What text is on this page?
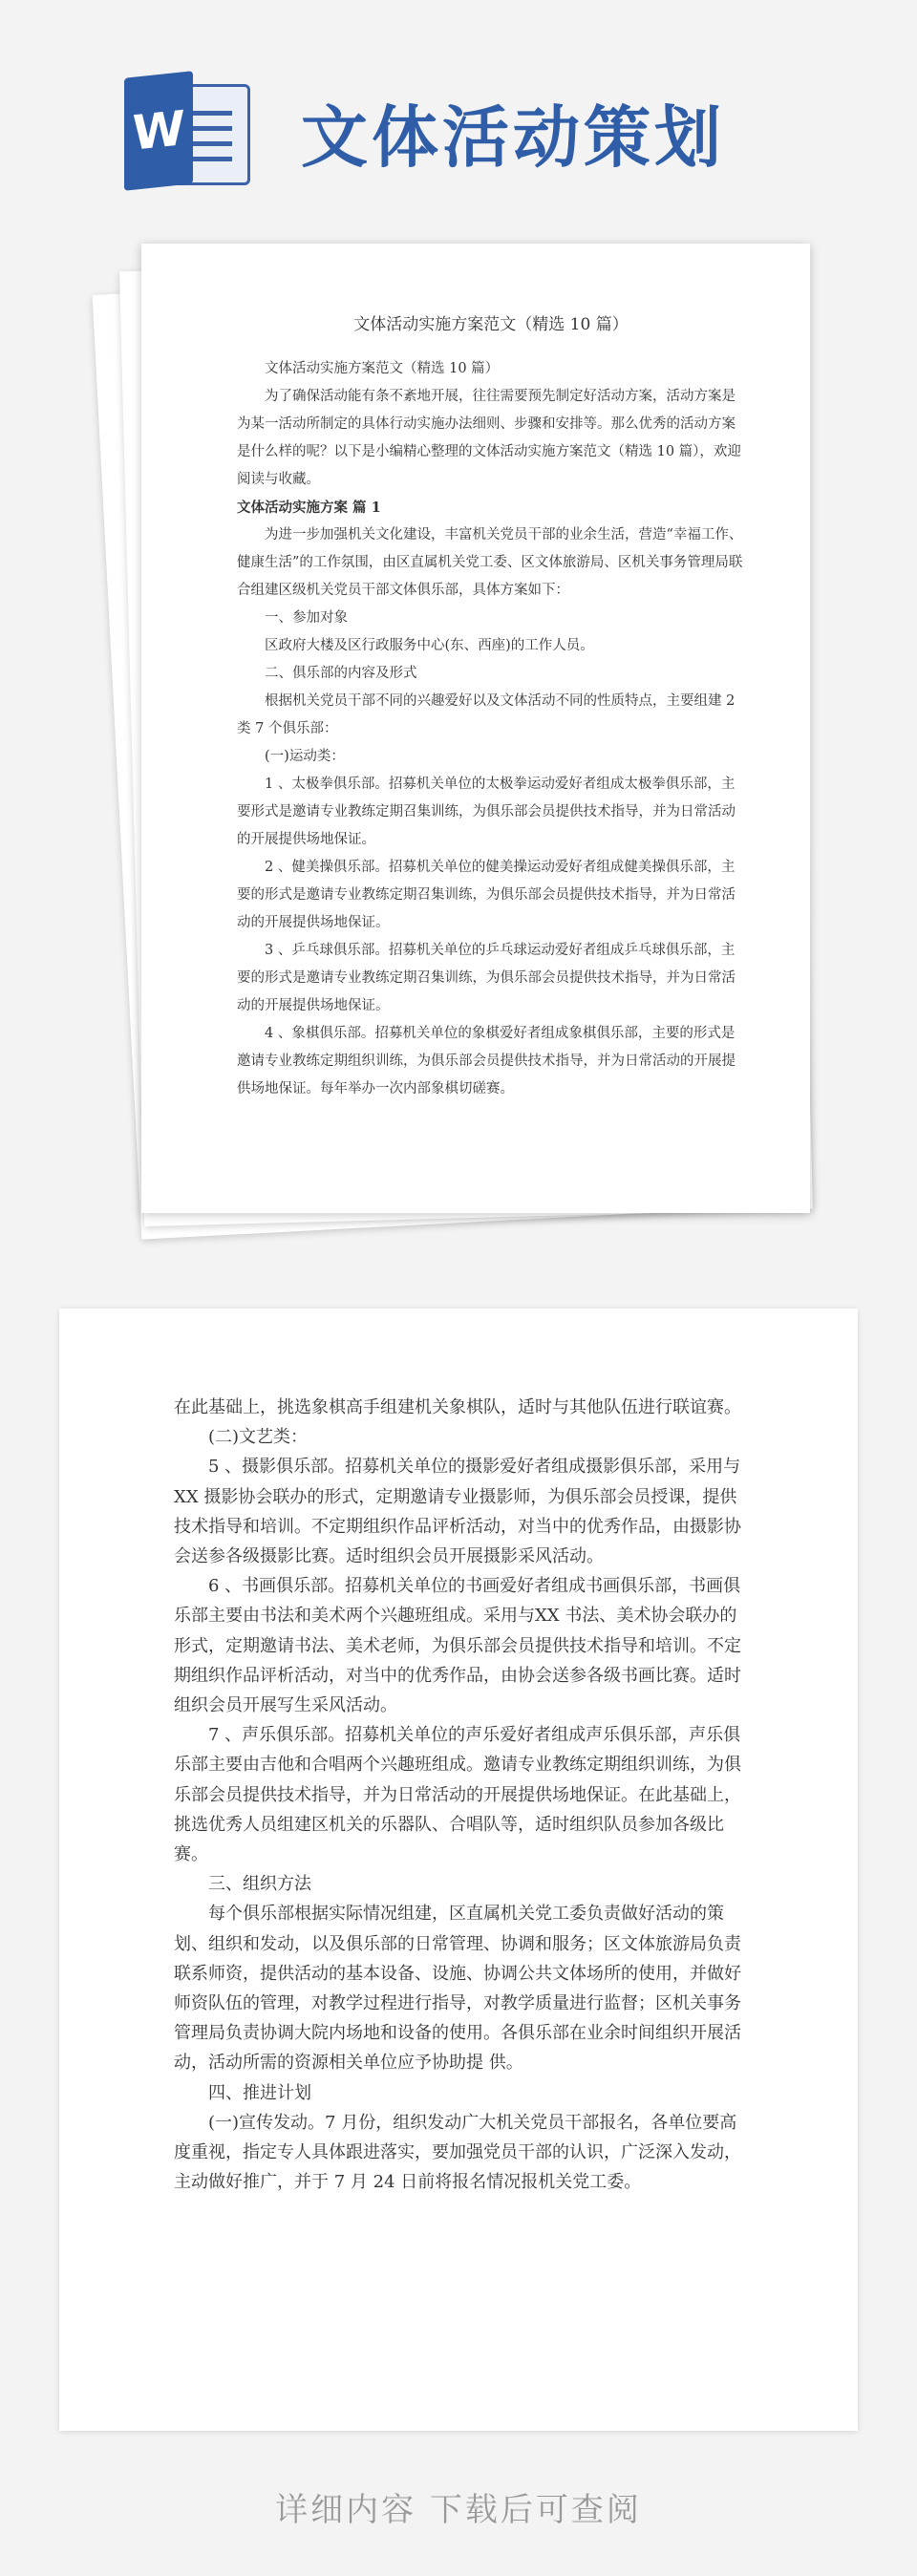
W 文体活动策划
文体活动实施方案范文（精选 10 篇）

文体活动实施方案范文（精选 10 篇）

为了确保活动能有条不紊地开展，往往需要预先制定好活动方案，活动方案是为某一活动所制定的具体行动实施办法细则、步骤和安排等。那么优秀的活动方案是什么样的呢？以下是小编精心整理的文体活动实施方案范文（精选 10 篇），欢迎阅读与收藏。

文体活动实施方案 篇 1

为进一步加强机关文化建设，丰富机关党员干部的业余生活，营造“幸福工作、健康生活”的工作氛围，由区直属机关党工委、区文体旅游局、区机关事务管理局联合组建区级机关党员干部文体俱乐部，具体方案如下：

一、参加对象

区政府大楼及区行政服务中心(东、西座)的工作人员。

二、俱乐部的内容及形式

根据机关党员干部不同的兴趣爱好以及文体活动不同的性质特点，主要组建 2 类 7 个俱乐部：

(一)运动类：

1 、太极拳俱乐部。招募机关单位的太极拳运动爱好者组成太极拳俱乐部，主要形式是邀请专业教练定期召集训练，为俱乐部会员提供技术指导，并为日常活动的开展提供场地保证。

2 、健美操俱乐部。招募机关单位的健美操运动爱好者组成健美操俱乐部，主要的形式是邀请专业教练定期召集训练，为俱乐部会员提供技术指导，并为日常活动的开展提供场地保证。

3 、乒乓球俱乐部。招募机关单位的乒乓球运动爱好者组成乒乓球俱乐部，主要的形式是邀请专业教练定期召集训练，为俱乐部会员提供技术指导，并为日常活动的开展提供场地保证。

4 、象棋俱乐部。招募机关单位的象棋爱好者组成象棋俱乐部，主要的形式是邀请专业教练定期组织训练，为俱乐部会员提供技术指导，并为日常活动的开展提供场地保证。每年举办一次内部象棋切磋赛。

在此基础上，挑选象棋高手组建机关象棋队，适时与其他队伍进行联谊赛。

(二)文艺类：

5 、摄影俱乐部。招募机关单位的摄影爱好者组成摄影俱乐部，采用与XX 摄影协会联办的形式，定期邀请专业摄影师，为俱乐部会员授课，提供技术指导和培训。不定期组织作品评析活动，对当中的优秀作品，由摄影协会送参各级摄影比赛。适时组织会员开展摄影采风活动。

6 、书画俱乐部。招募机关单位的书画爱好者组成书画俱乐部，书画俱乐部主要由书法和美术两个兴趣班组成。采用与XX 书法、美术协会联办的形式，定期邀请书法、美术老师，为俱乐部会员提供技术指导和培训。不定期组织作品评析活动，对当中的优秀作品，由协会送参各级书画比赛。适时组织会员开展写生采风活动。

7 、声乐俱乐部。招募机关单位的声乐爱好者组成声乐俱乐部，声乐俱乐部主要由吉他和合唱两个兴趣班组成。邀请专业教练定期组织训练，为俱乐部会员提供技术指导，并为日常活动的开展提供场地保证。在此基础上，挑选优秀人员组建区机关的乐器队、合唱队等，适时组织队员参加各级比赛。

三、组织方法

每个俱乐部根据实际情况组建，区直属机关党工委负责做好活动的策划、组织和发动，以及俱乐部的日常管理、协调和服务；区文体旅游局负责联系师资，提供活动的基本设备、设施、协调公共文体场所的使用，并做好师资队伍的管理，对教学过程进行指导，对教学质量进行监督；区机关事务管理局负责协调大院内场地和设备的使用。各俱乐部在业余时间组织开展活动，活动所需的资源相关单位应予协助提 供。

四、推进计划

(一)宣传发动。7 月份，组织发动广大机关党员干部报名，各单位要高度重视，指定专人具体跟进落实，要加强党员干部的认识，广泛深入发动，主动做好推广，并于 7 月 24 日前将报名情况报机关党工委。

详细内容 下载后可查阅
